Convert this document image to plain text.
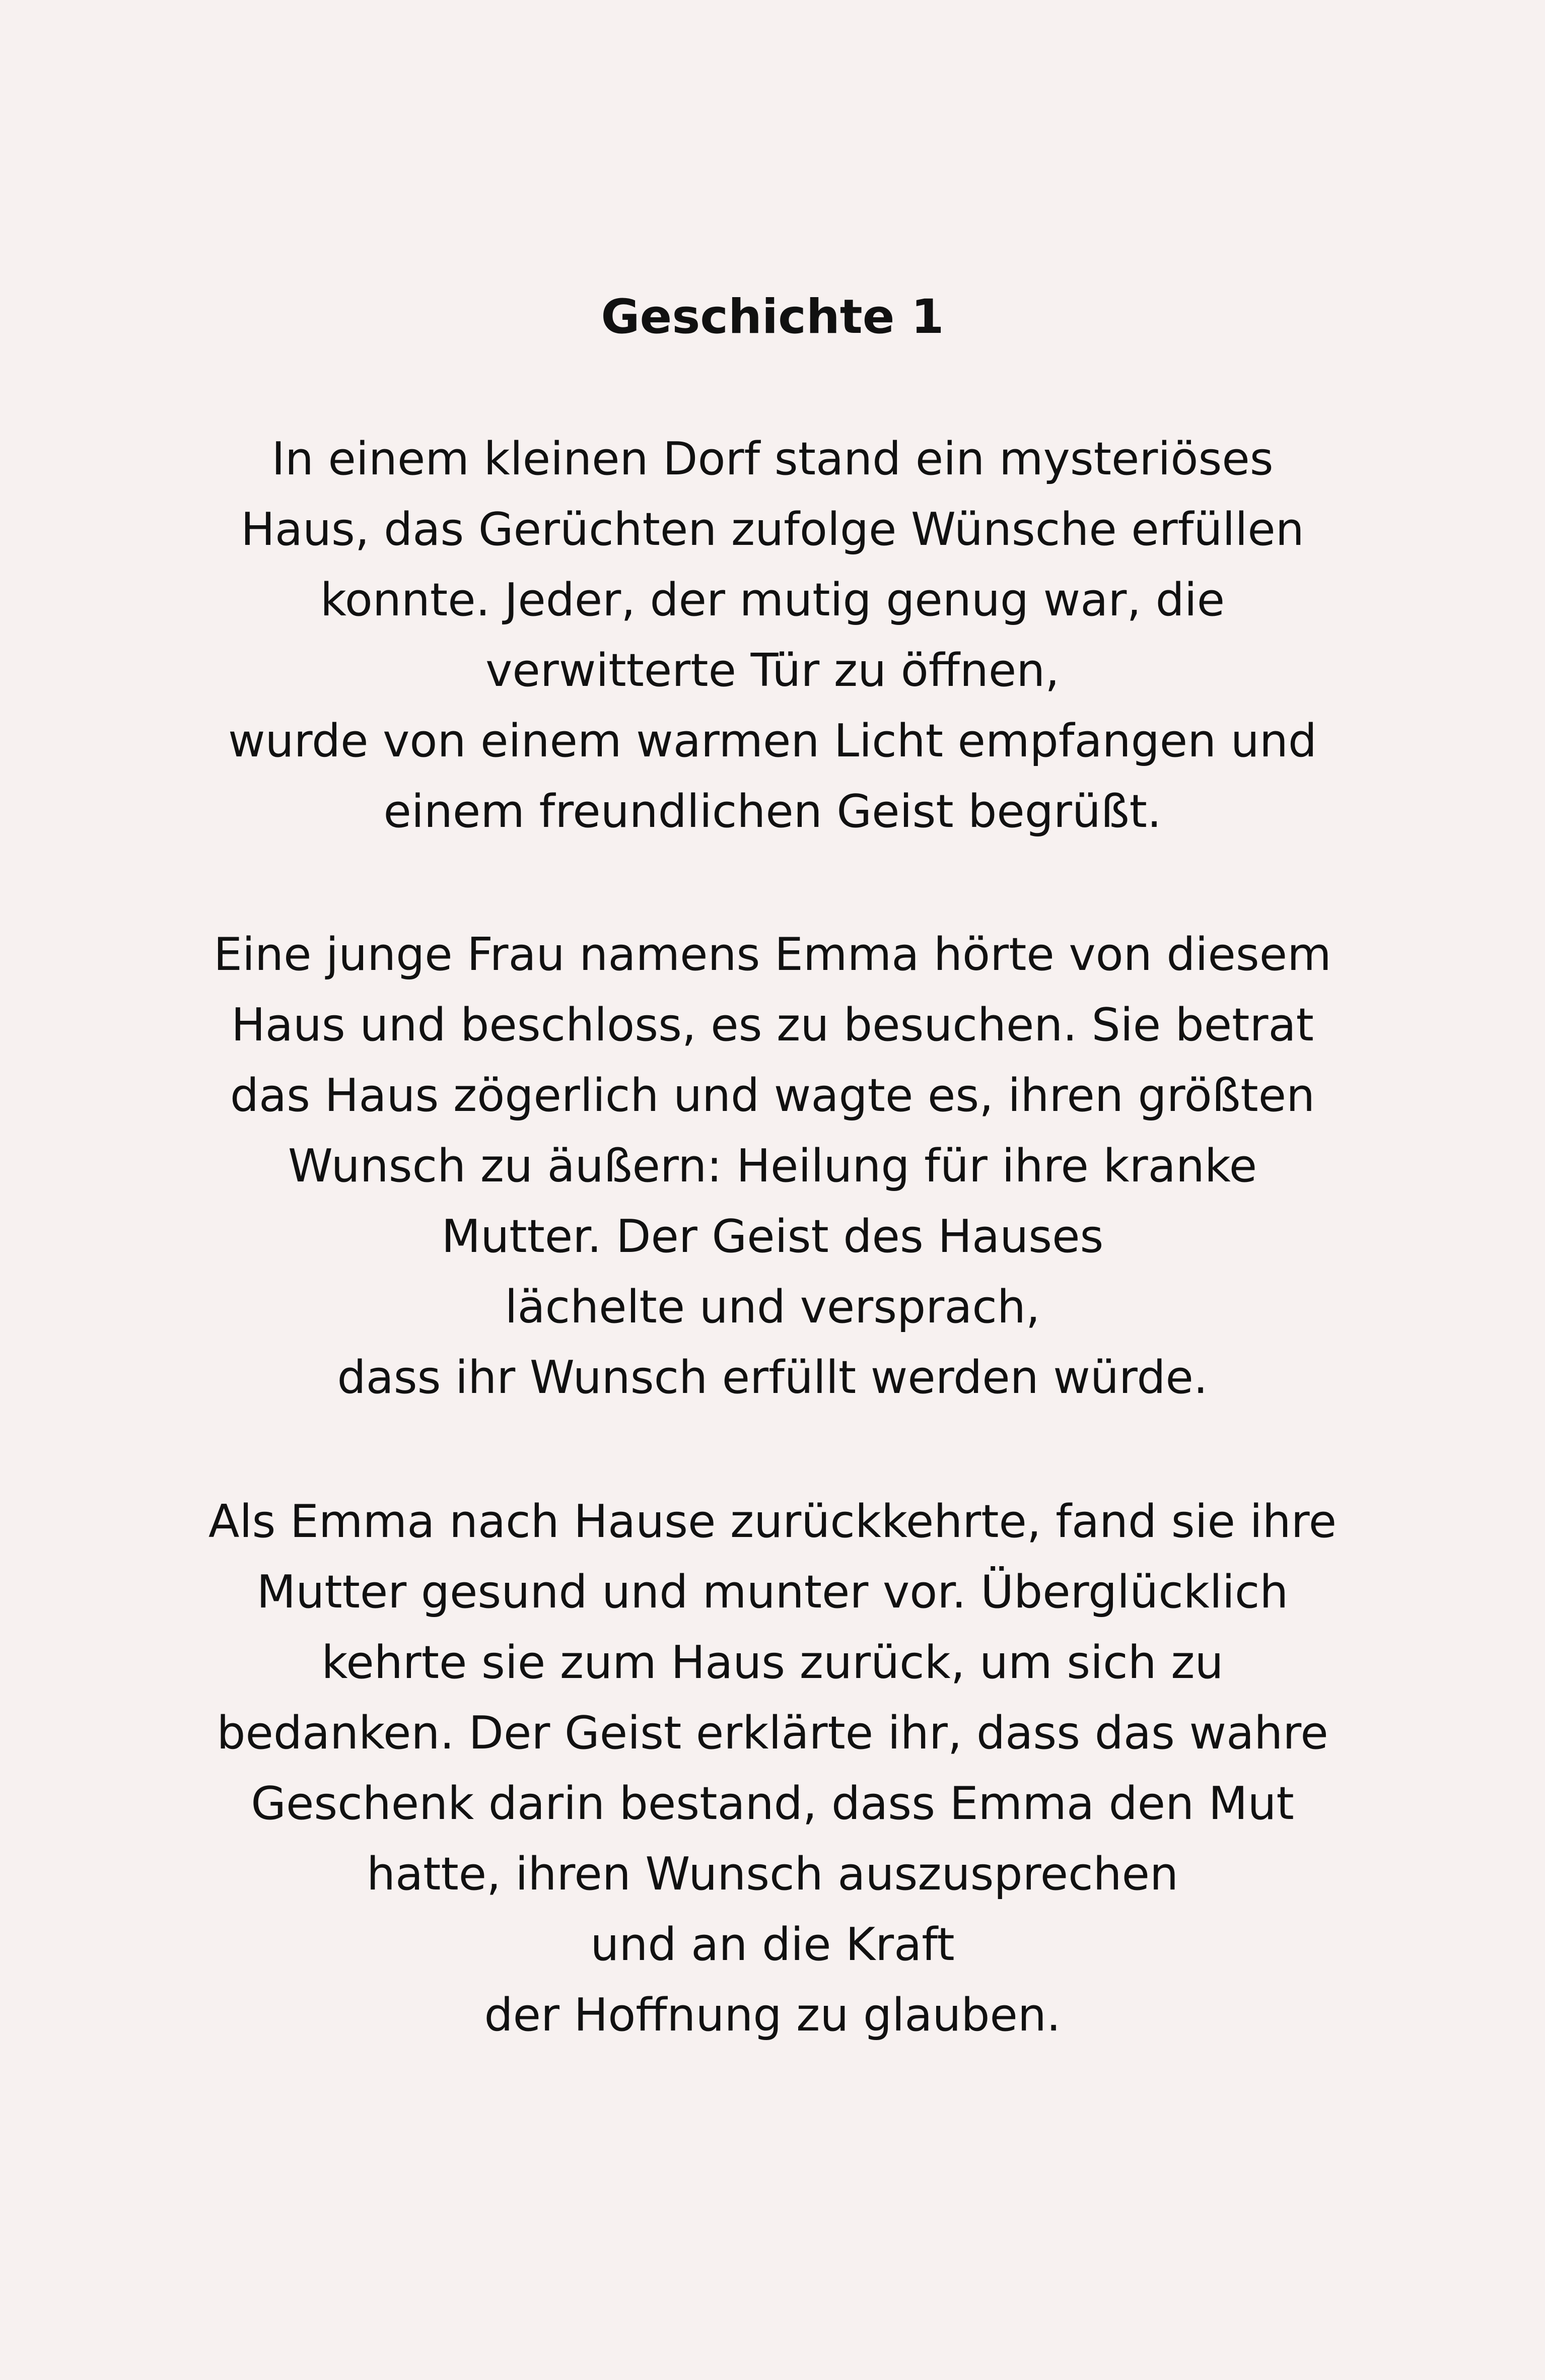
Geschichte 1

In einem kleinen Dorf stand ein mysteriöses
Haus, das Gerüchten zufolge Wünsche erfüllen
konnte. Jeder, der mutig genug war, die
verwitterte Tür zu öffnen,
wurde von einem warmen Licht empfangen und
einem freundlichen Geist begrüßt.

Eine junge Frau namens Emma hörte von diesem
Haus und beschloss, es zu besuchen. Sie betrat
das Haus zögerlich und wagte es, ihren größten
Wunsch zu äußern: Heilung für ihre kranke
Mutter. Der Geist des Hauses
lächelte und versprach,
dass ihr Wunsch erfüllt werden würde.

Als Emma nach Hause zurückkehrte, fand sie ihre
Mutter gesund und munter vor. Überglücklich
kehrte sie zum Haus zurück, um sich zu
bedanken. Der Geist erklärte ihr, dass das wahre
Geschenk darin bestand, dass Emma den Mut
hatte, ihren Wunsch auszusprechen
und an die Kraft
der Hoffnung zu glauben.
